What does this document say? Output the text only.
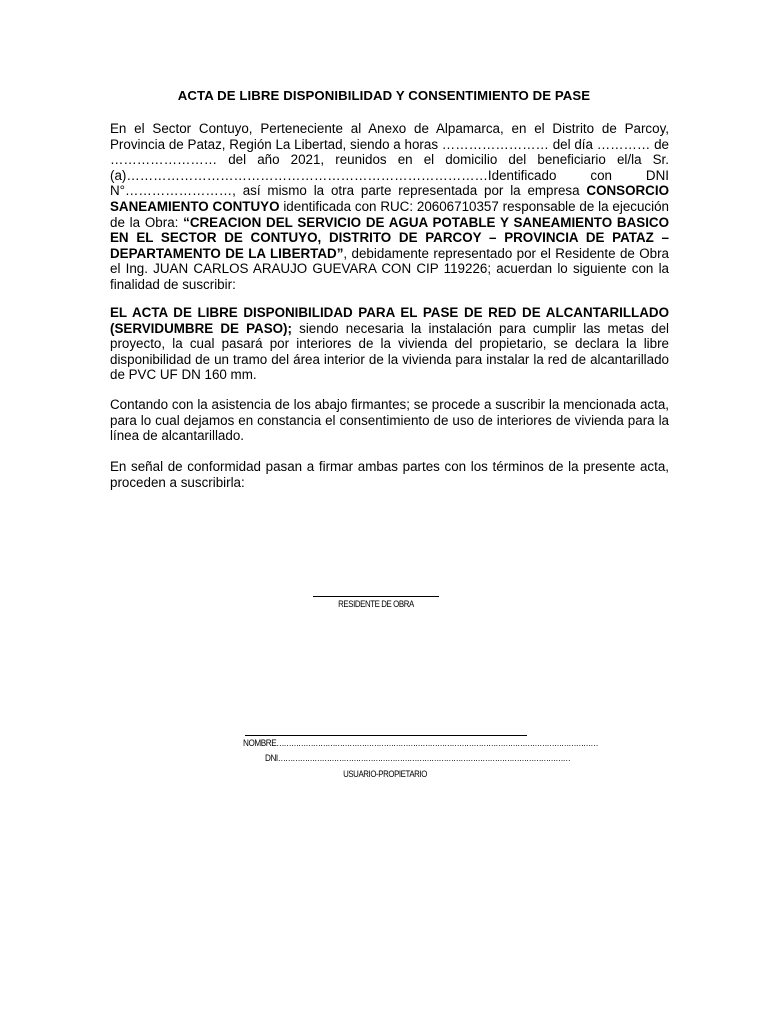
ACTA DE LIBRE DISPONIBILIDAD Y CONSENTIMIENTO DE PASE

En el Sector Contuyo, Perteneciente al Anexo de Alpamarca, en el Distrito de Parcoy, Provincia de Pataz, Región La Libertad, siendo a horas …………………… del día ………… de …………………… del año 2021, reunidos en el domicilio del beneficiario el/la Sr.(a)………………………………………………………………………Identificado con DNI N°……………………, así mismo la otra parte representada por la empresa CONSORCIO SANEAMIENTO CONTUYO identificada con RUC: 20606710357 responsable de la ejecución de la Obra: “CREACION DEL SERVICIO DE AGUA POTABLE Y SANEAMIENTO BASICO EN EL SECTOR DE CONTUYO, DISTRITO DE PARCOY – PROVINCIA DE PATAZ – DEPARTAMENTO DE LA LIBERTAD”, debidamente representado por el Residente de Obra el Ing. JUAN CARLOS ARAUJO GUEVARA CON CIP 119226; acuerdan lo siguiente con la finalidad de suscribir:

EL ACTA DE LIBRE DISPONIBILIDAD PARA EL PASE DE RED DE ALCANTARILLADO (SERVIDUMBRE DE PASO); siendo necesaria la instalación para cumplir las metas del proyecto, la cual pasará por interiores de la vivienda del propietario, se declara la libre disponibilidad de un tramo del área interior de la vivienda para instalar la red de alcantarillado de PVC UF DN 160 mm.

Contando con la asistencia de los abajo firmantes; se procede a suscribir la mencionada acta, para lo cual dejamos en constancia el consentimiento de uso de interiores de vivienda para la línea de alcantarillado.

En señal de conformidad pasan a firmar ambas partes con los términos de la presente acta, proceden a suscribirla:

RESIDENTE DE OBRA
NOMBRE……………………………………………………………………………………………………………………
DNI…………………………………………………………………………………………………………
USUARIO-PROPIETARIO
